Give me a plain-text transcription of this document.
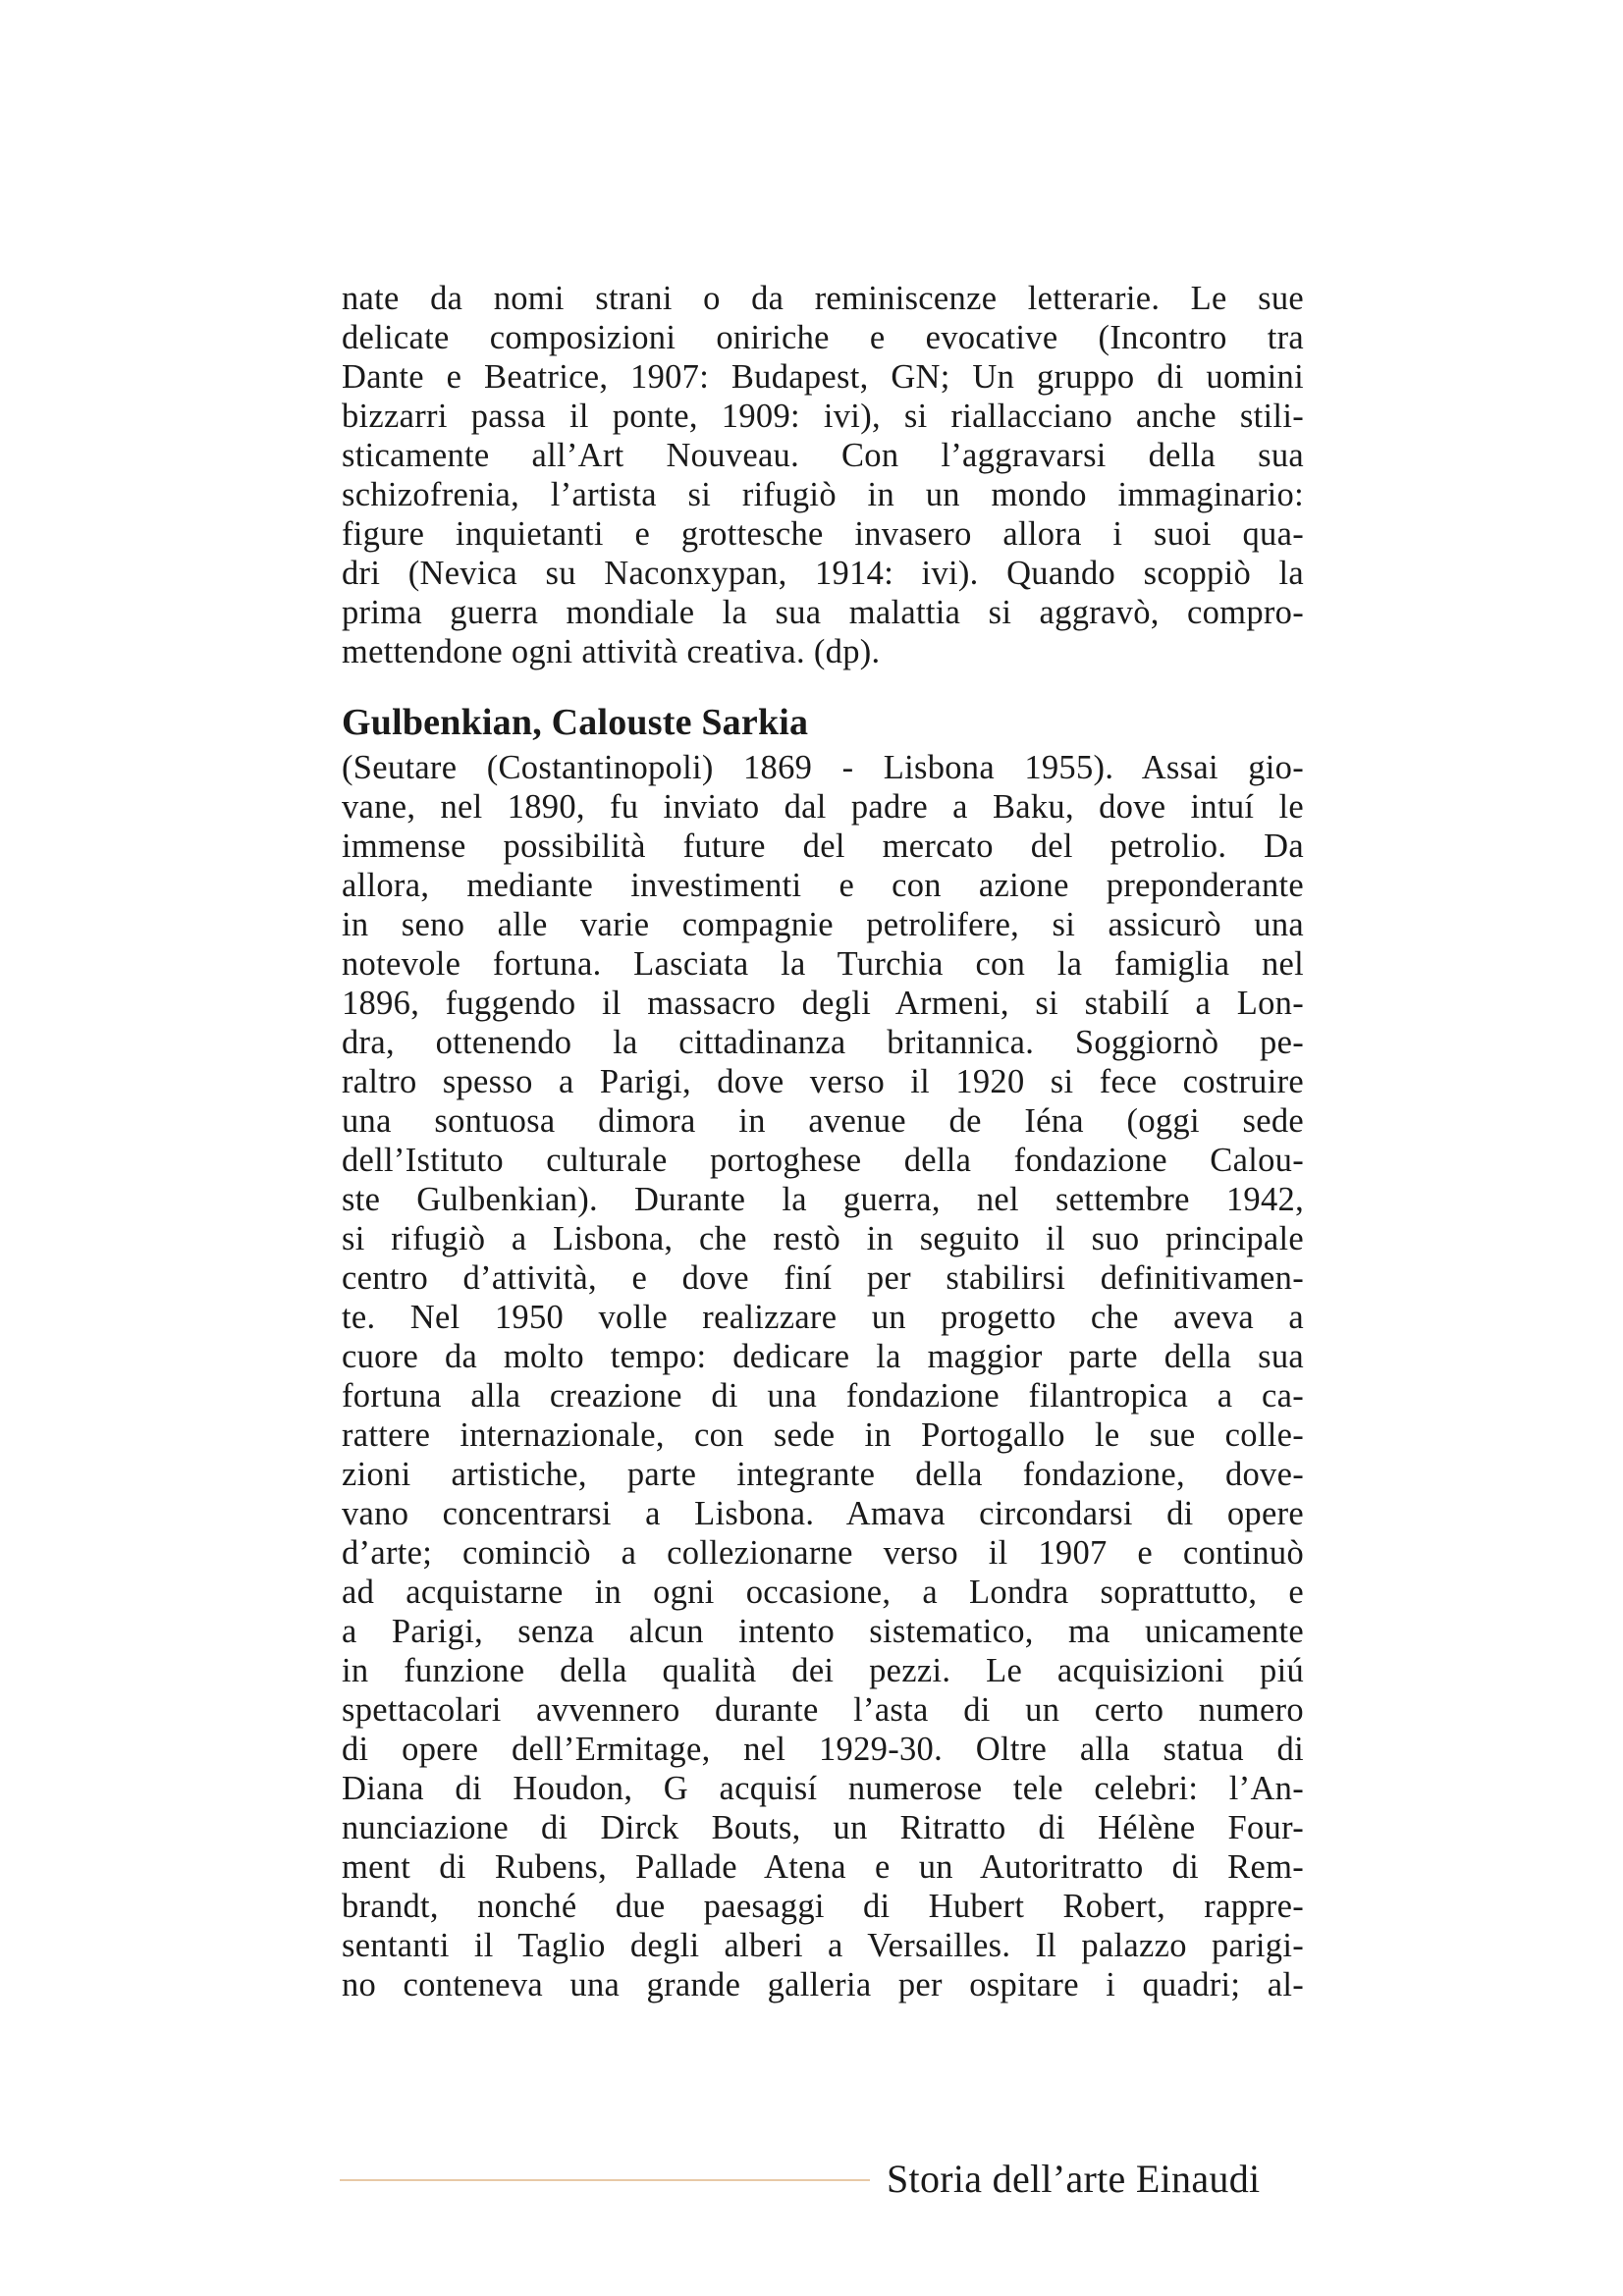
nate da nomi strani o da reminiscenze letterarie. Le sue
delicate composizioni oniriche e evocative (Incontro tra
Dante e Beatrice, 1907: Budapest, GN; Un gruppo di uomini
bizzarri passa il ponte, 1909: ivi), si riallacciano anche stili-
sticamente all’Art Nouveau. Con l’aggravarsi della sua
schizofrenia, l’artista si rifugiò in un mondo immaginario:
figure inquietanti e grottesche invasero allora i suoi qua-
dri (Nevica su Naconxypan, 1914: ivi). Quando scoppiò la
prima guerra mondiale la sua malattia si aggravò, compro-
mettendone ogni attività creativa. (dp).
Gulbenkian, Calouste Sarkia
(Seutare (Costantinopoli) 1869 - Lisbona 1955). Assai gio-
vane, nel 1890, fu inviato dal padre a Baku, dove intuí le
immense possibilità future del mercato del petrolio. Da
allora, mediante investimenti e con azione preponderante
in seno alle varie compagnie petrolifere, si assicurò una
notevole fortuna. Lasciata la Turchia con la famiglia nel
1896, fuggendo il massacro degli Armeni, si stabilí a Lon-
dra, ottenendo la cittadinanza britannica. Soggiornò pe-
raltro spesso a Parigi, dove verso il 1920 si fece costruire
una sontuosa dimora in avenue de Iéna (oggi sede
dell’Istituto culturale portoghese della fondazione Calou-
ste Gulbenkian). Durante la guerra, nel settembre 1942,
si rifugiò a Lisbona, che restò in seguito il suo principale
centro d’attività, e dove finí per stabilirsi definitivamen-
te. Nel 1950 volle realizzare un progetto che aveva a
cuore da molto tempo: dedicare la maggior parte della sua
fortuna alla creazione di una fondazione filantropica a ca-
rattere internazionale, con sede in Portogallo le sue colle-
zioni artistiche, parte integrante della fondazione, dove-
vano concentrarsi a Lisbona. Amava circondarsi di opere
d’arte; cominciò a collezionarne verso il 1907 e continuò
ad acquistarne in ogni occasione, a Londra soprattutto, e
a Parigi, senza alcun intento sistematico, ma unicamente
in funzione della qualità dei pezzi. Le acquisizioni piú
spettacolari avvennero durante l’asta di un certo numero
di opere dell’Ermitage, nel 1929-30. Oltre alla statua di
Diana di Houdon, G acquisí numerose tele celebri: l’An-
nunciazione di Dirck Bouts, un Ritratto di Hélène Four-
ment di Rubens, Pallade Atena e un Autoritratto di Rem-
brandt, nonché due paesaggi di Hubert Robert, rappre-
sentanti il Taglio degli alberi a Versailles. Il palazzo parigi-
no conteneva una grande galleria per ospitare i quadri; al-
Storia dell’arte Einaudi
